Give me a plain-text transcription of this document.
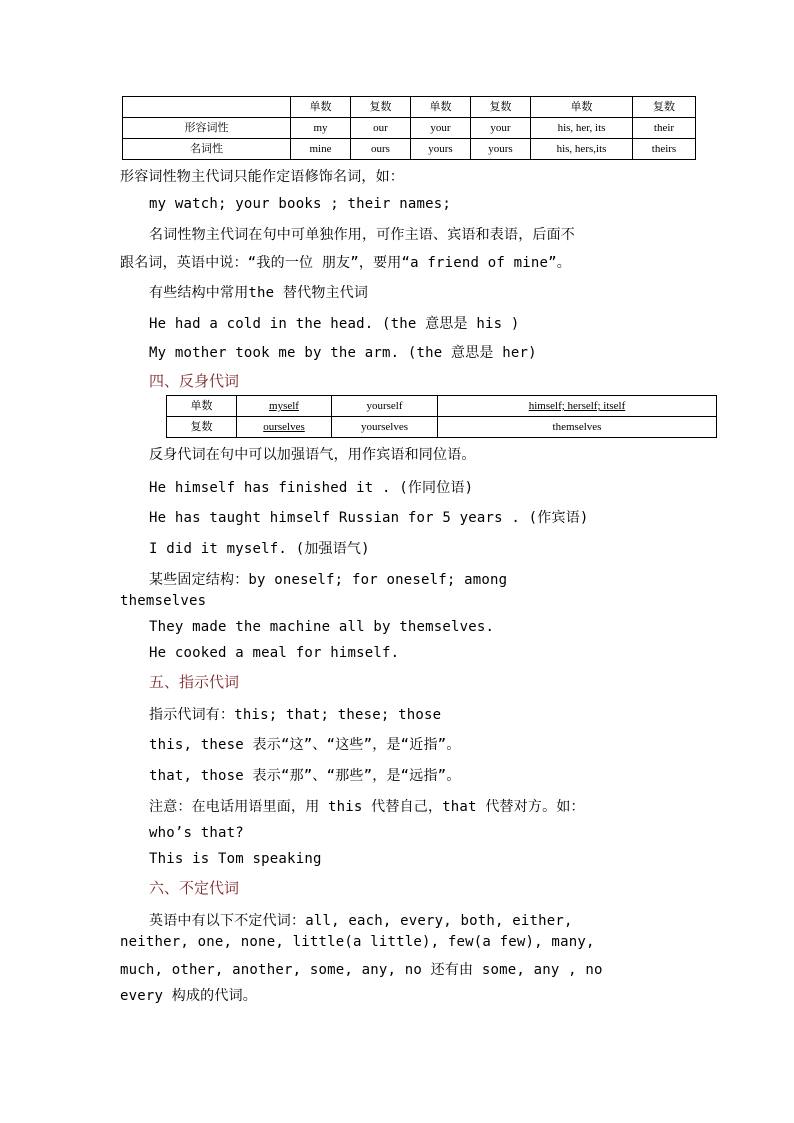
	单数	复数	单数	复数	单数	复数
形容词性	my	our	your	your	his, her, its	their
名词性	mine	ours	yours	yours	his, hers,its	theirs
形容词性物主代词只能作定语修饰名词，如：
my watch; your books ; their names;
名词性物主代词在句中可单独作用，可作主语、宾语和表语，后面不
跟名词，英语中说：“我的一位 朋友”，要用“a friend of mine”。
有些结构中常用the 替代物主代词
He had a cold in the head. (the 意思是 his )
My mother took me by the arm. (the 意思是 her)
四、反身代词
单数	myself	yourself	himself; herself; itself
复数	ourselves	yourselves	themselves
反身代词在句中可以加强语气，用作宾语和同位语。
He himself has finished it . (作同位语)
He has taught himself Russian for 5 years . (作宾语)
I did it myself. (加强语气)
某些固定结构：by oneself; for oneself; among
themselves
They made the machine all by themselves.
He cooked a meal for himself.
五、指示代词
指示代词有：this; that; these; those
this, these 表示“这”、“这些”，是“近指”。
that, those 表示“那”、“那些”，是“远指”。
注意：在电话用语里面，用 this 代替自己，that 代替对方。如：
who’s that?
This is Tom speaking
六、不定代词
英语中有以下不定代词：all, each, every, both, either,
neither, one, none, little(a little), few(a few), many,
much, other, another, some, any, no 还有由 some, any , no
every 构成的代词。
